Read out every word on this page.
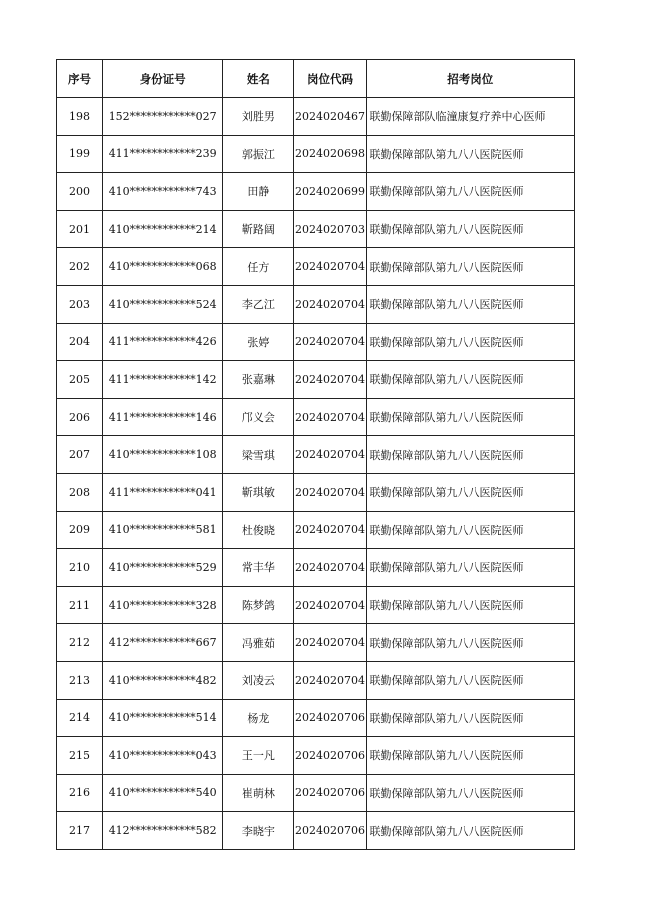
序号	身份证号	姓名	岗位代码	招考岗位
198	152************027	刘胜男	2024020467	联勤保障部队临潼康复疗养中心医师
199	411************239	郭振江	2024020698	联勤保障部队第九八八医院医师
200	410************743	田静	2024020699	联勤保障部队第九八八医院医师
201	410************214	靳路阔	2024020703	联勤保障部队第九八八医院医师
202	410************068	任方	2024020704	联勤保障部队第九八八医院医师
203	410************524	李乙江	2024020704	联勤保障部队第九八八医院医师
204	411************426	张婷	2024020704	联勤保障部队第九八八医院医师
205	411************142	张嘉琳	2024020704	联勤保障部队第九八八医院医师
206	411************146	邝义会	2024020704	联勤保障部队第九八八医院医师
207	410************108	梁雪琪	2024020704	联勤保障部队第九八八医院医师
208	411************041	靳琪敏	2024020704	联勤保障部队第九八八医院医师
209	410************581	杜俊晓	2024020704	联勤保障部队第九八八医院医师
210	410************529	常丰华	2024020704	联勤保障部队第九八八医院医师
211	410************328	陈梦鸽	2024020704	联勤保障部队第九八八医院医师
212	412************667	冯雅茹	2024020704	联勤保障部队第九八八医院医师
213	410************482	刘凌云	2024020704	联勤保障部队第九八八医院医师
214	410************514	杨龙	2024020706	联勤保障部队第九八八医院医师
215	410************043	王一凡	2024020706	联勤保障部队第九八八医院医师
216	410************540	崔萌林	2024020706	联勤保障部队第九八八医院医师
217	412************582	李晓宇	2024020706	联勤保障部队第九八八医院医师
